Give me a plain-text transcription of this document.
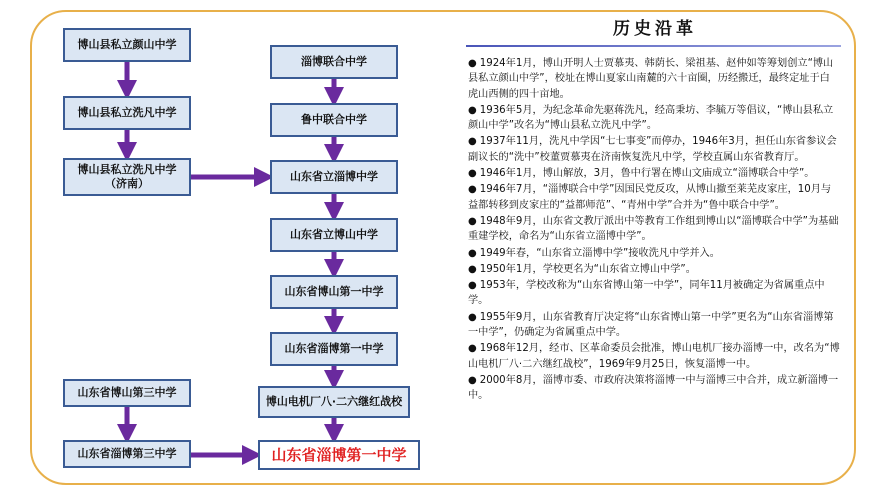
博山县私立颜山中学
博山县私立洗凡中学
博山县私立洗凡中学
（济南）
山东省博山第三中学
山东省淄博第三中学
淄博联合中学
鲁中联合中学
山东省立淄博中学
山东省立博山中学
山东省博山第一中学
山东省淄博第一中学
博山电机厂八·二六继红战校
山东省淄博第一中学
历史沿革
● 1924年1月，博山开明人士贾慕夷、韩荫长、梁祖基、赵仲如等筹划创立“博山县私立颜山中学”，校址在博山夏家山南麓的六十亩圈，历经搬迁，最终定址于白虎山西侧的四十亩地。
● 1936年5月，为纪念革命先驱蒋洗凡，经高秉坊、李毓万等倡议，“博山县私立颜山中学”改名为“博山县私立洗凡中学”。
● 1937年11月，洗凡中学因“七七事变”而停办，1946年3月，担任山东省参议会副议长的“洗中”校董贾慕夷在济南恢复洗凡中学，学校直属山东省教育厅。
● 1946年1月，博山解放，3月，鲁中行署在博山文庙成立“淄博联合中学”。
● 1946年7月，“淄博联合中学”因国民党反攻，从博山撤至莱芜皮家庄，10月与益都转移到皮家庄的“益都师范”、“青州中学”合并为“鲁中联合中学”。
● 1948年9月，山东省文教厅派出中等教育工作组到博山以“淄博联合中学”为基础重建学校，命名为“山东省立淄博中学”。
● 1949年春，“山东省立淄博中学”接收洗凡中学并入。
● 1950年1月，学校更名为“山东省立博山中学”。
● 1953年，学校改称为“山东省博山第一中学”，同年11月被确定为省属重点中学。
● 1955年9月，山东省教育厅决定将“山东省博山第一中学”更名为“山东省淄博第一中学”，仍确定为省属重点中学。
● 1968年12月，经市、区革命委员会批准，博山电机厂接办淄博一中，改名为“博山电机厂八·二六继红战校”，1969年9月25日，恢复淄博一中。
● 2000年8月，淄博市委、市政府决策将淄博一中与淄博三中合并，成立新淄博一中。
